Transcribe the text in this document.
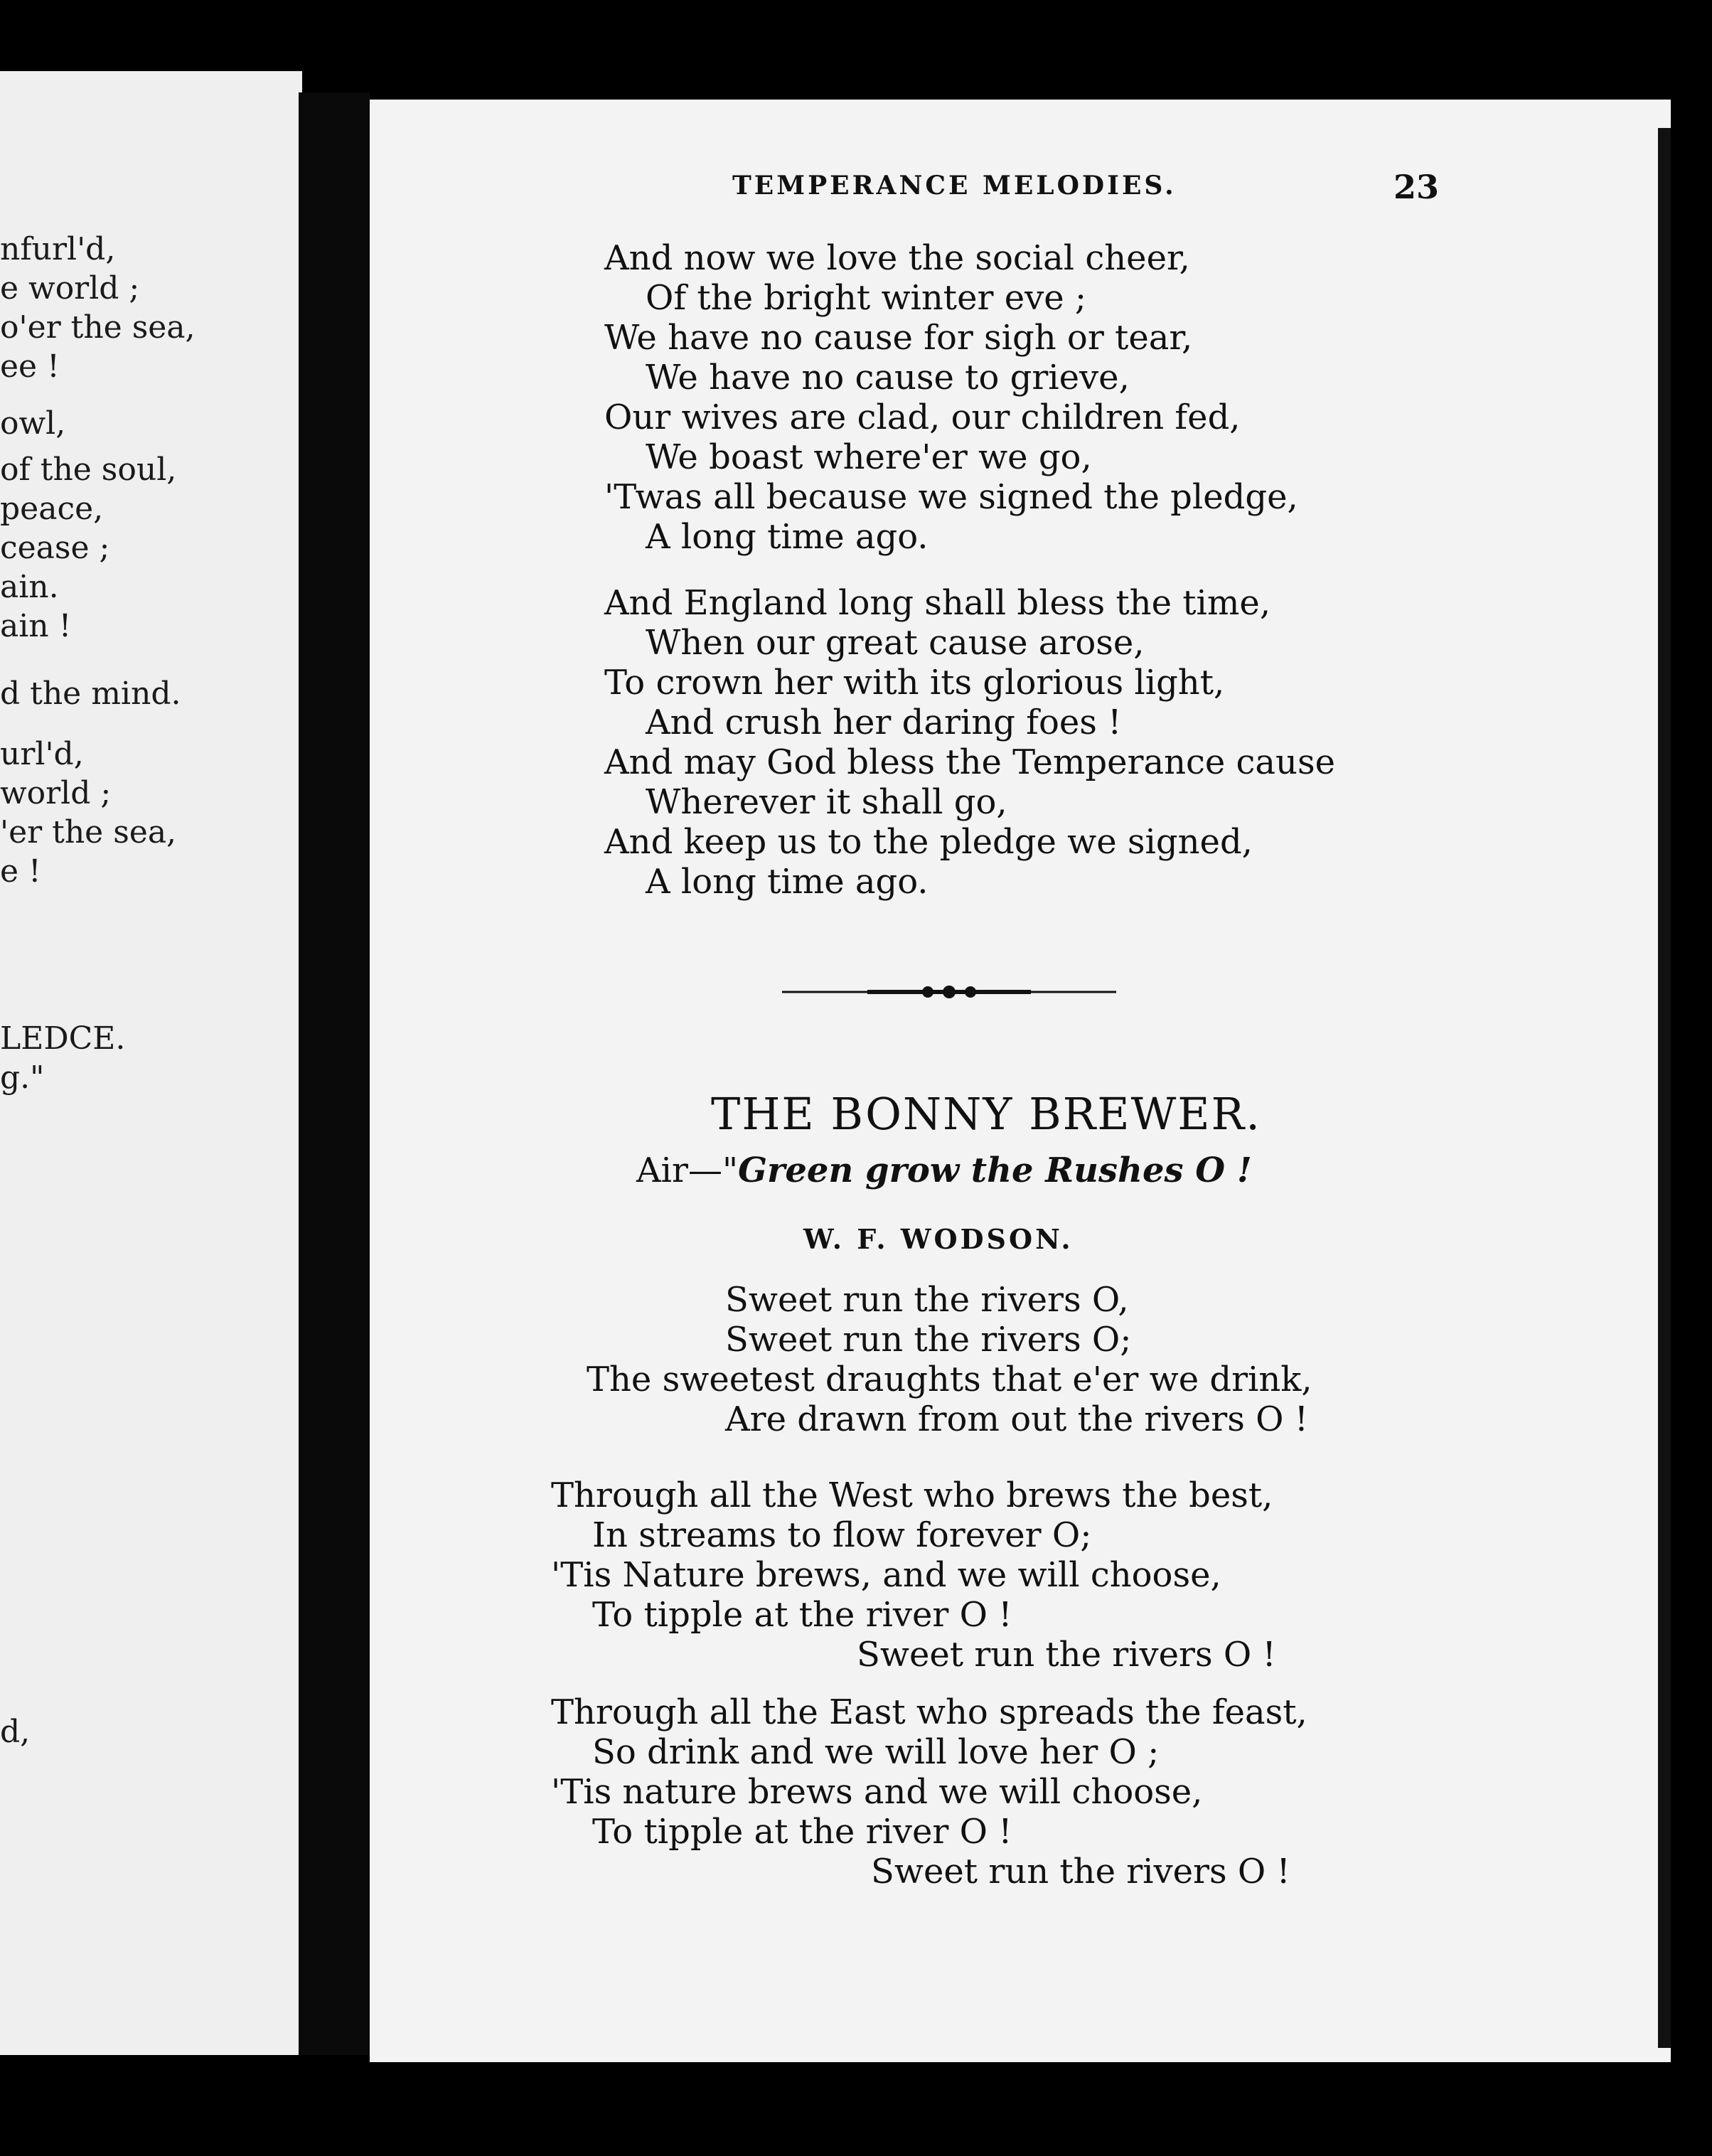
nfurl'd,
e world ;
o'er the sea,
ee !
owl,
of the soul,
peace,
cease ;
ain.
ain !
d the mind.
url'd,
world ;
'er the sea,
e !
LEDCE.
g."
d,
TEMPERANCE MELODIES.	23
And now we love the social cheer,
Of the bright winter eve ;
We have no cause for sigh or tear,
We have no cause to grieve,
Our wives are clad, our children fed,
We boast where'er we go,
'Twas all because we signed the pledge,
A long time ago.
And England long shall bless the time,
When our great cause arose,
To crown her with its glorious light,
And crush her daring foes !
And may God bless the Temperance cause
Wherever it shall go,
And keep us to the pledge we signed,
A long time ago.
THE BONNY BREWER.
Air—"Green grow the Rushes O !
W. F. WODSON.
Sweet run the rivers O,
Sweet run the rivers O;
The sweetest draughts that e'er we drink,
Are drawn from out the rivers O !
Through all the West who brews the best,
In streams to flow forever O;
'Tis Nature brews, and we will choose,
To tipple at the river O !
Sweet run the rivers O !
Through all the East who spreads the feast,
So drink and we will love her O ;
'Tis nature brews and we will choose,
To tipple at the river O !
Sweet run the rivers O !
